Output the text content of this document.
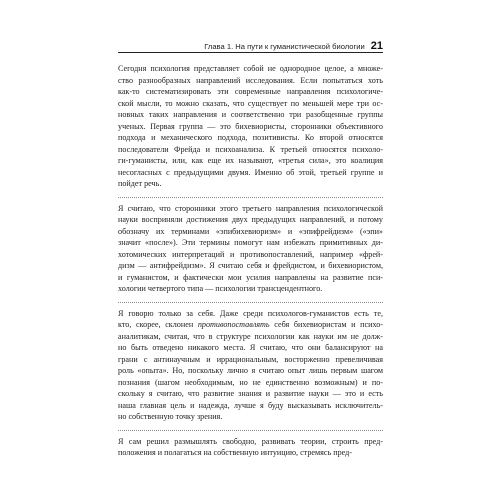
Глава 1. На пути к гуманистической биологии 21

Сегодня психология представляет собой не однородное целое, а множе-
ство разнообразных направлений исследования. Если попытаться хоть
как-то систематизировать эти современные направления психологиче-
ской мысли, то можно сказать, что существует по меньшей мере три ос-
новных таких направления и соответственно три разобщенные группы
ученых. Первая группа — это бихевиористы, сторонники объективного
подхода и механического подхода, позитивисты. Ко второй относятся
последователи Фрейда и психоанализа. К третьей относятся психоло-
ги-гуманисты, или, как еще их называют, «третья сила», это коалиция
несогласных с предыдущими двумя. Именно об этой, третьей группе и
пойдет речь.

Я считаю, что сторонники этого третьего направления психологической
науки восприняли достижения двух предыдущих направлений, и потому
обозначу их терминами «эпибихевиоризм» и «эпифрейдизм» («эпи»
значит «после»). Эти термины помогут нам избежать примитивных ди-
хотомических интерпретаций и противопоставлений, например «фрей-
дизм — антифрейдизм». Я считаю себя и фрейдистом, и бихевиористом,
и гуманистом, и фактически мои усилия направлены на развитие пси-
хологии четвертого типа — психологии трансцендентного.

Я говорю только за себя. Даже среди психологов-гуманистов есть те,
кто, скорее, склонен противопоставлять себя бихевиористам и психо-
аналитикам, считая, что в структуре психологии как науки им не долж-
но быть отведено никакого места. Я считаю, что они балансируют на
грани с антинаучным и иррациональным, восторженно превеличивая
роль «опыта». Но, поскольку лично я считаю опыт лишь первым шагом
познания (шагом необходимым, но не единственно возможным) и по-
скольку я считаю, что развитие знания и развитие науки — это и есть
наша главная цель и надежда, лучше я буду высказывать исключитель-
но собственную точку зрения.

Я сам решил размышлять свободно, развивать теории, строить пред-
положения и полагаться на собственную интуицию, стремясь пред-
